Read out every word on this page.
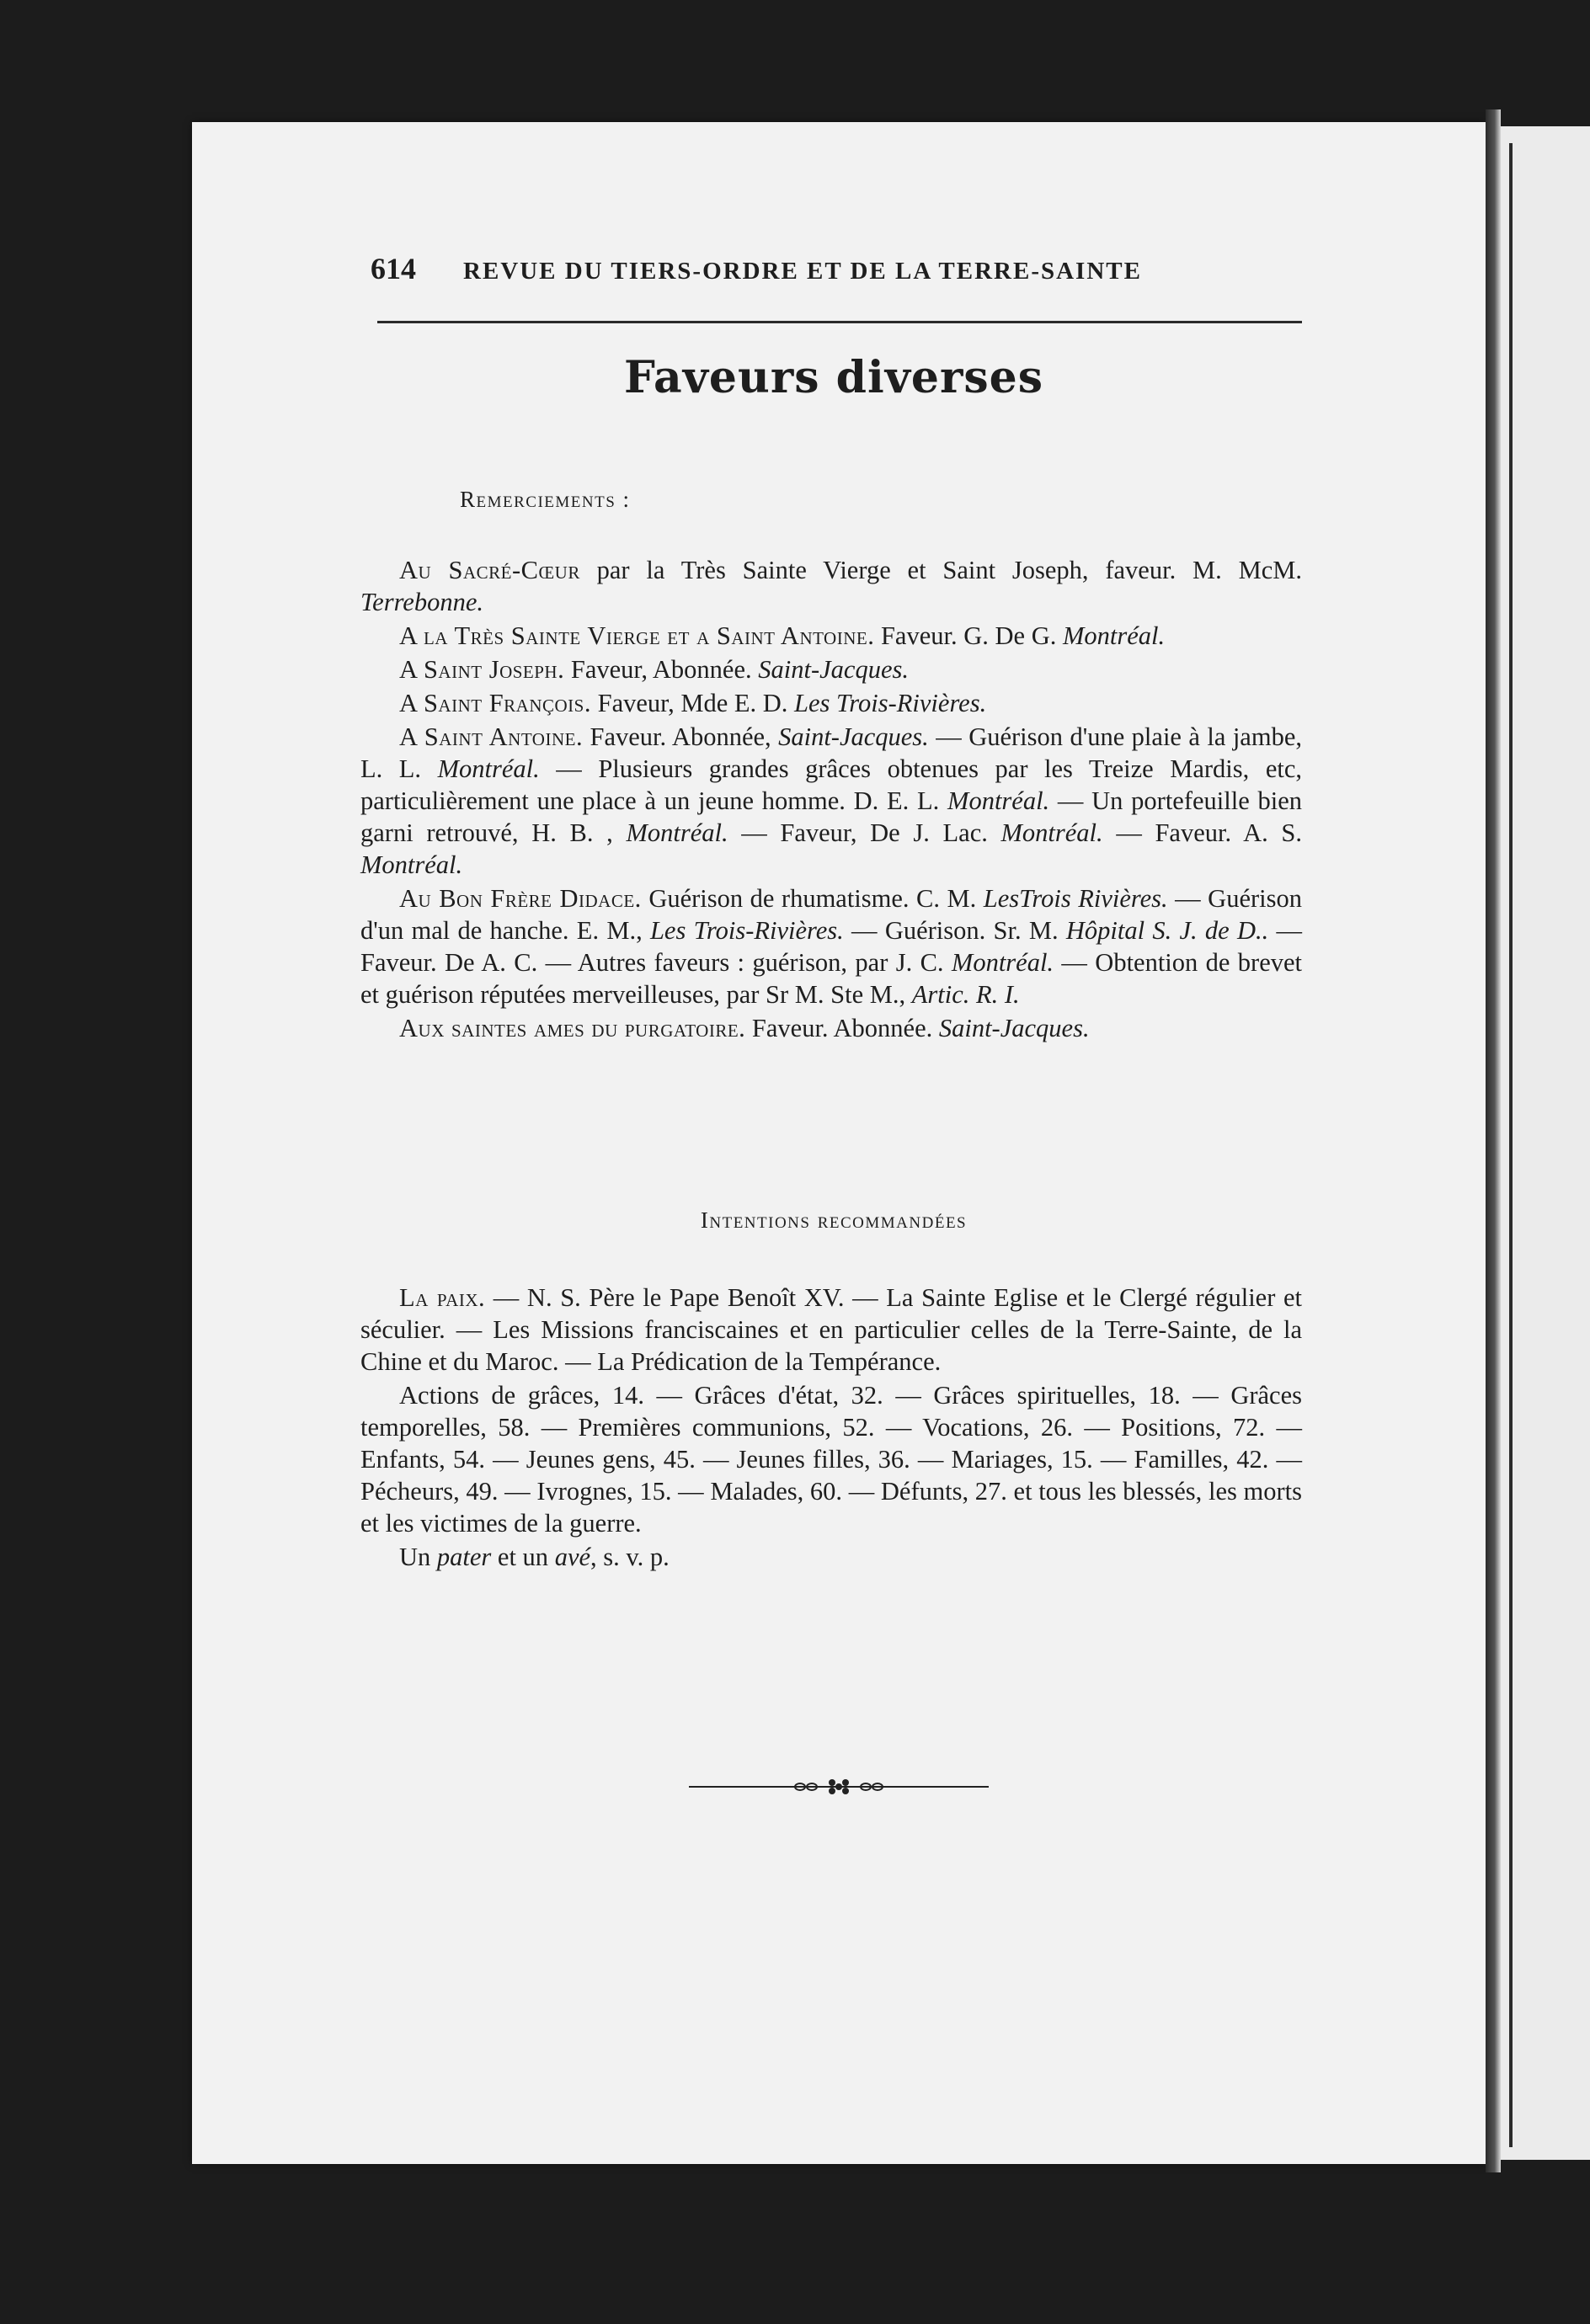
614	REVUE DU TIERS-ORDRE ET DE LA TERRE-SAINTE
Faveurs diverses
Remerciements :

Au Sacré-Cœur par la Très Sainte Vierge et Saint Joseph, faveur. M. McM. Terrebonne.

A la Très Sainte Vierge et a Saint Antoine. Faveur. G. De G. Montréal.

A Saint Joseph. Faveur, Abonnée. Saint-Jacques.

A Saint François. Faveur, Mde E. D. Les Trois-Rivières.

A Saint Antoine. Faveur. Abonnée, Saint-Jacques. — Guérison d'une plaie à la jambe, L. L. Montréal. — Plusieurs grandes grâces obtenues par les Treize Mardis, etc, particulièrement une place à un jeune homme. D. E. L. Montréal. — Un portefeuille bien garni retrouvé, H. B. , Montréal. — Faveur, De J. Lac. Montréal. — Faveur. A. S. Montréal.

Au Bon Frère Didace. Guérison de rhumatisme. C. M. LesTrois Rivières. — Guérison d'un mal de hanche. E. M., Les Trois-Rivières. — Guérison. Sr. M. Hôpital S. J. de D.. — Faveur. De A. C. — Autres faveurs : guérison, par J. C. Montréal. — Obtention de brevet et guérison réputées merveilleuses, par Sr M. Ste M., Artic. R. I.

Aux saintes ames du purgatoire. Faveur. Abonnée. Saint-Jacques.

Intentions recommandées

La paix. — N. S. Père le Pape Benoît XV. — La Sainte Eglise et le Clergé régulier et séculier. — Les Missions franciscaines et en particulier celles de la Terre-Sainte, de la Chine et du Maroc. — La Prédication de la Tempérance.

Actions de grâces, 14. — Grâces d'état, 32. — Grâces spirituelles, 18. — Grâces temporelles, 58. — Premières communions, 52. — Vocations, 26. — Positions, 72. — Enfants, 54. — Jeunes gens, 45. — Jeunes filles, 36. — Mariages, 15. — Familles, 42. — Pécheurs, 49. — Ivrognes, 15. — Malades, 60. — Défunts, 27. et tous les blessés, les morts et les victimes de la guerre.

Un pater et un avé, s. v. p.
